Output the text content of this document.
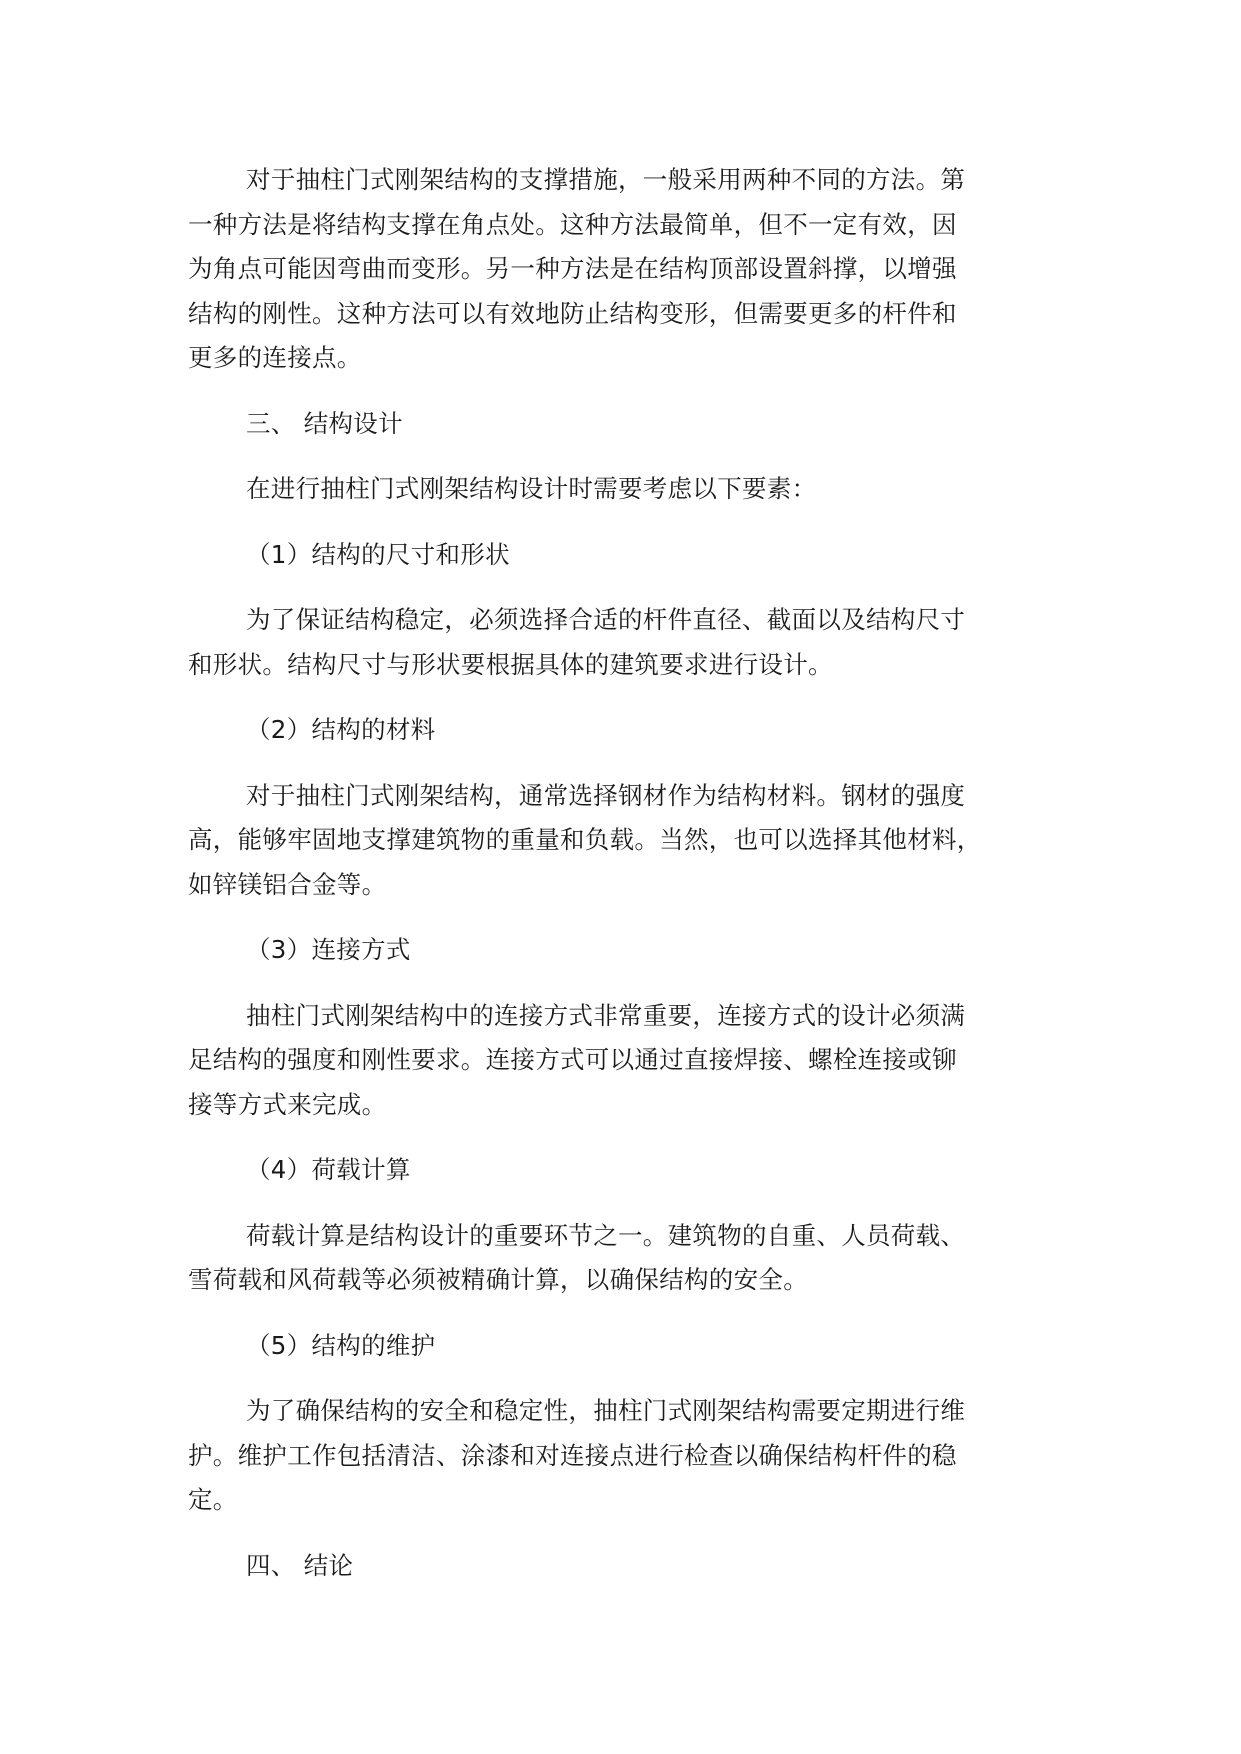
对于抽柱门式刚架结构的支撑措施，一般采用两种不同的方法。第
一种方法是将结构支撑在角点处。这种方法最简单，但不一定有效，因
为角点可能因弯曲而变形。另一种方法是在结构顶部设置斜撑，以增强
结构的刚性。这种方法可以有效地防止结构变形，但需要更多的杆件和
更多的连接点。

三、 结构设计

在进行抽柱门式刚架结构设计时需要考虑以下要素：

（1）结构的尺寸和形状

为了保证结构稳定，必须选择合适的杆件直径、截面以及结构尺寸
和形状。结构尺寸与形状要根据具体的建筑要求进行设计。

（2）结构的材料

对于抽柱门式刚架结构，通常选择钢材作为结构材料。钢材的强度
高，能够牢固地支撑建筑物的重量和负载。当然，也可以选择其他材料，
如锌镁铝合金等。

（3）连接方式

抽柱门式刚架结构中的连接方式非常重要，连接方式的设计必须满
足结构的强度和刚性要求。连接方式可以通过直接焊接、螺栓连接或铆
接等方式来完成。

（4）荷载计算

荷载计算是结构设计的重要环节之一。建筑物的自重、人员荷载、
雪荷载和风荷载等必须被精确计算，以确保结构的安全。

（5）结构的维护

为了确保结构的安全和稳定性，抽柱门式刚架结构需要定期进行维
护。维护工作包括清洁、涂漆和对连接点进行检查以确保结构杆件的稳
定。

四、 结论
